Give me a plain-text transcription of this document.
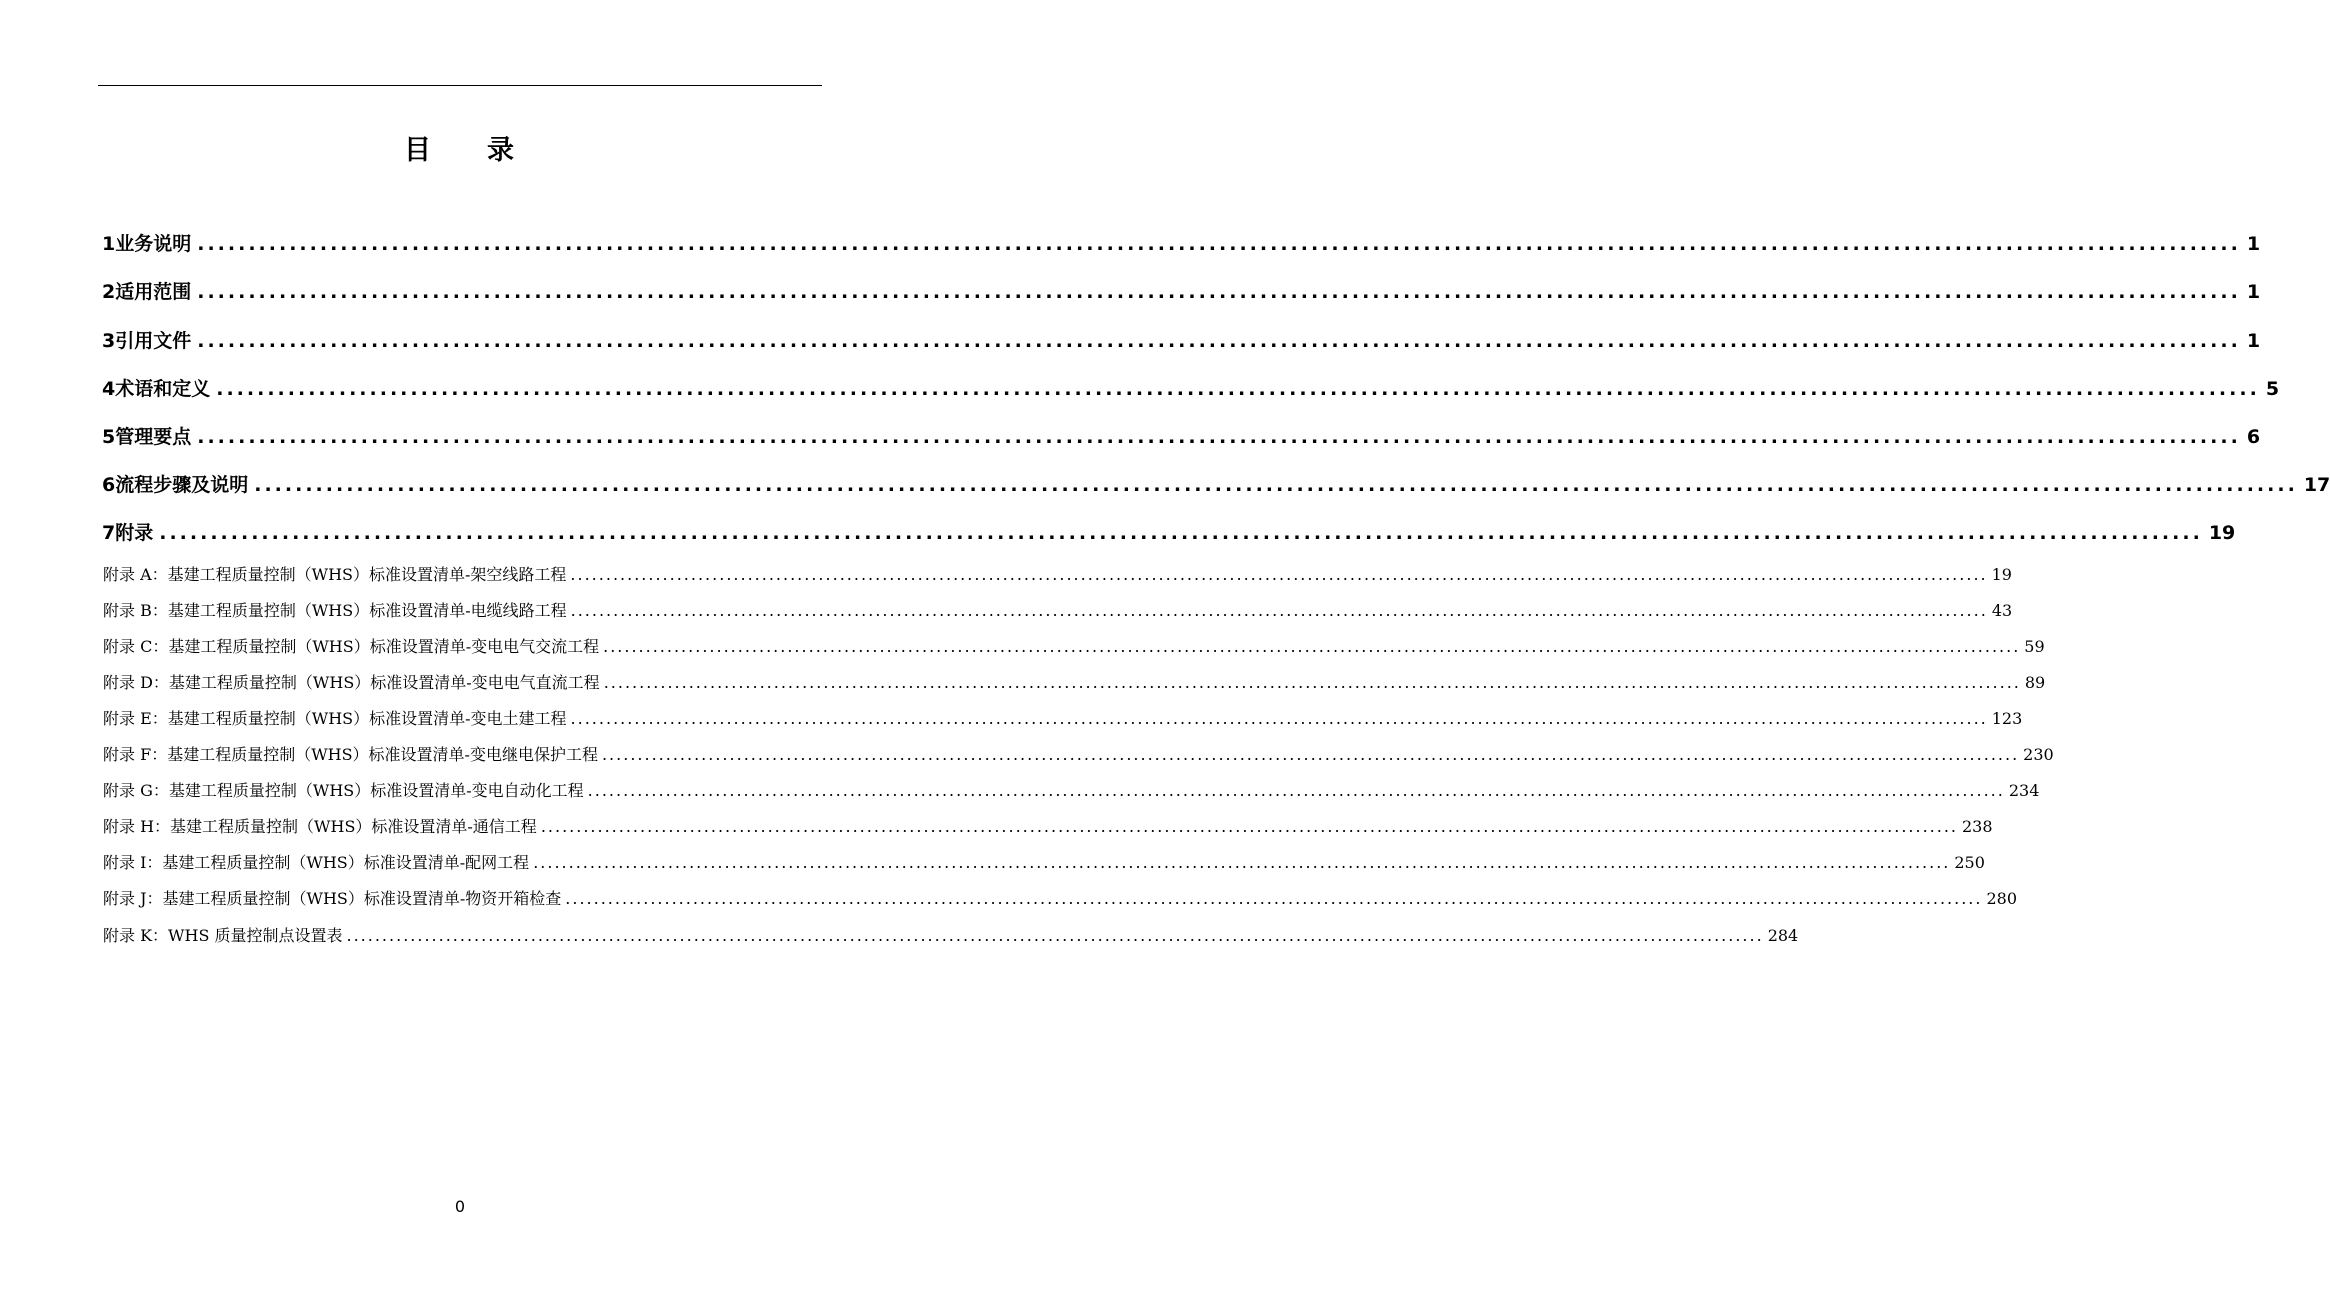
目 录
1 业务说明 ........................................................................................................................................................................................................ 1
2 适用范围 ........................................................................................................................................................................................................ 1
3 引用文件 ........................................................................................................................................................................................................ 1
4 术语和定义 ........................................................................................................................................................................................................ 5
5 管理要点 ........................................................................................................................................................................................................ 6
6 流程步骤及说明 ........................................................................................................................................................................................................ 17
7 附录 ........................................................................................................................................................................................................ 19
附录 A：基建工程质量控制（WHS）标准设置清单-架空线路工程 ........................................................................................................................................................................................................ 19
附录 B：基建工程质量控制（WHS）标准设置清单-电缆线路工程 ........................................................................................................................................................................................................ 43
附录 C：基建工程质量控制（WHS）标准设置清单-变电电气交流工程 ........................................................................................................................................................................................................ 59
附录 D：基建工程质量控制（WHS）标准设置清单-变电电气直流工程 ........................................................................................................................................................................................................ 89
附录 E：基建工程质量控制（WHS）标准设置清单-变电土建工程 ........................................................................................................................................................................................................ 123
附录 F：基建工程质量控制（WHS）标准设置清单-变电继电保护工程 ........................................................................................................................................................................................................ 230
附录 G：基建工程质量控制（WHS）标准设置清单-变电自动化工程 ........................................................................................................................................................................................................ 234
附录 H：基建工程质量控制（WHS）标准设置清单-通信工程 ........................................................................................................................................................................................................ 238
附录 I：基建工程质量控制（WHS）标准设置清单-配网工程 ........................................................................................................................................................................................................ 250
附录 J：基建工程质量控制（WHS）标准设置清单-物资开箱检查 ........................................................................................................................................................................................................ 280
附录 K：WHS 质量控制点设置表 ........................................................................................................................................................................................................ 284
0
